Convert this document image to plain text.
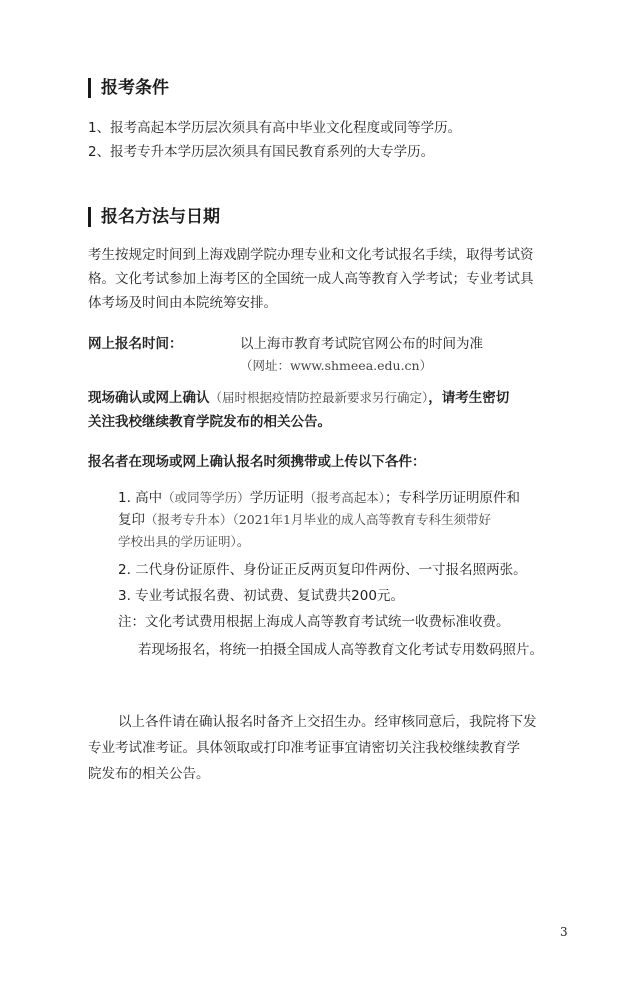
报考条件
1、报考高起本学历层次须具有高中毕业文化程度或同等学历。
2、报考专升本学历层次须具有国民教育系列的大专学历。
报名方法与日期
考生按规定时间到上海戏剧学院办理专业和文化考试报名手续，取得考试资
格。文化考试参加上海考区的全国统一成人高等教育入学考试；专业考试具
体考场及时间由本院统筹安排。
网上报名时间：	以上海市教育考试院官网公布的时间为准
（网址：www.shmeea.edu.cn）
现场确认或网上确认（届时根据疫情防控最新要求另行确定），请考生密切
关注我校继续教育学院发布的相关公告。
报名者在现场或网上确认报名时须携带或上传以下各件：
1. 高中（或同等学历）学历证明（报考高起本）；专科学历证明原件和
复印（报考专升本）（2021年1月毕业的成人高等教育专科生须带好
学校出具的学历证明）。
2. 二代身份证原件、身份证正反两页复印件两份、一寸报名照两张。
3. 专业考试报名费、初试费、复试费共200元。
注：文化考试费用根据上海成人高等教育考试统一收费标准收费。
若现场报名，将统一拍摄全国成人高等教育文化考试专用数码照片。
以上各件请在确认报名时备齐上交招生办。经审核同意后，我院将下发
专业考试准考证。具体领取或打印准考证事宜请密切关注我校继续教育学
院发布的相关公告。
3
